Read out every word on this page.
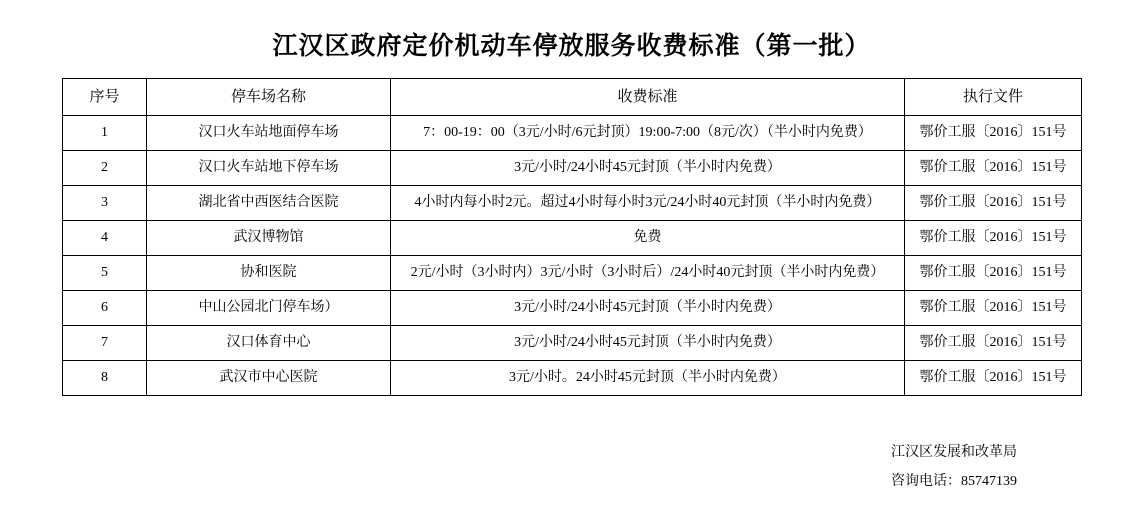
江汉区政府定价机动车停放服务收费标准（第一批）
序号	停车场名称	收费标准	执行文件
1	汉口火车站地面停车场	7：00-19：00（3元/小时/6元封顶）19:00-7:00（8元/次）（半小时内免费）	鄂价工服〔2016〕151号
2	汉口火车站地下停车场	3元/小时/24小时45元封顶（半小时内免费）	鄂价工服〔2016〕151号
3	湖北省中西医结合医院	4小时内每小时2元。超过4小时每小时3元/24小时40元封顶（半小时内免费）	鄂价工服〔2016〕151号
4	武汉博物馆	免费	鄂价工服〔2016〕151号
5	协和医院	2元/小时（3小时内）3元/小时（3小时后）/24小时40元封顶（半小时内免费）	鄂价工服〔2016〕151号
6	中山公园北门停车场）	3元/小时/24小时45元封顶（半小时内免费）	鄂价工服〔2016〕151号
7	汉口体育中心	3元/小时/24小时45元封顶（半小时内免费）	鄂价工服〔2016〕151号
8	武汉市中心医院	3元/小时。24小时45元封顶（半小时内免费）	鄂价工服〔2016〕151号
江汉区发展和改革局
咨询电话：85747139
